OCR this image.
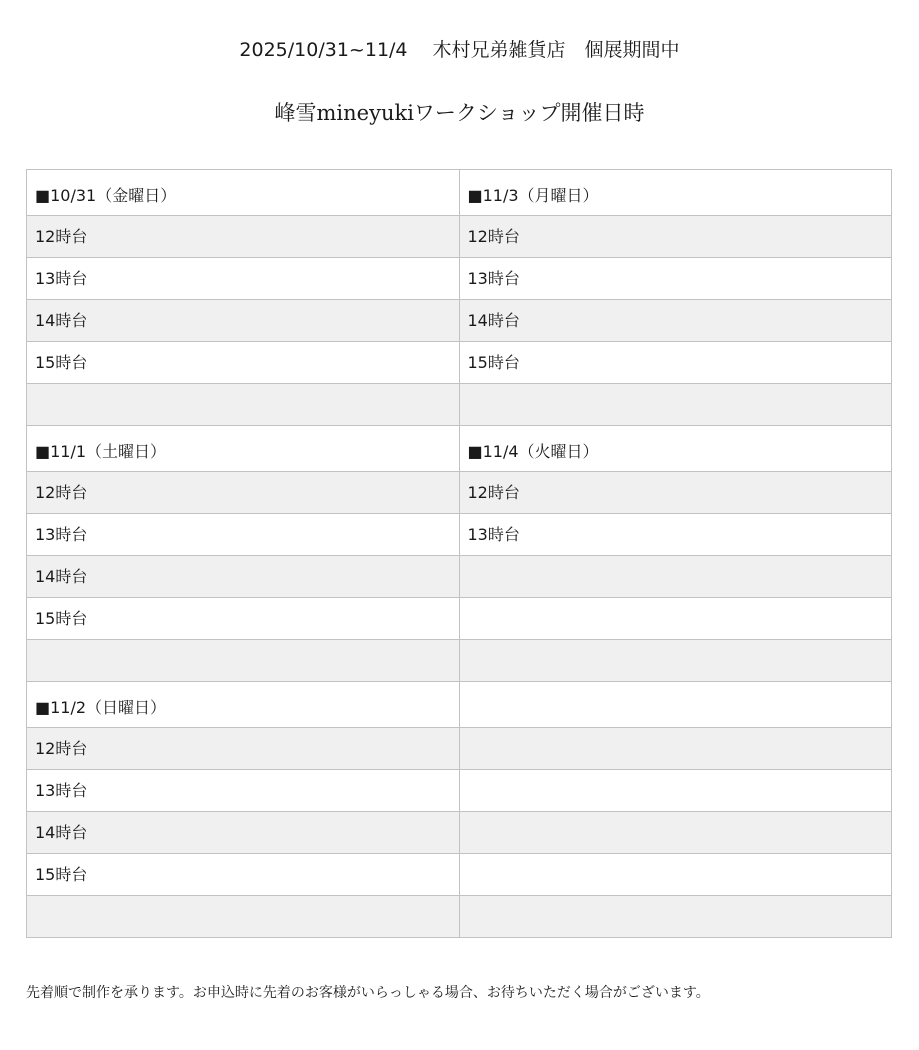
2025/10/31~11/4　 木村兄弟雑貨店　個展期間中
峰雪mineyukiワークショップ開催日時
■10/31（金曜日）	■11/3（月曜日）
12時台	12時台
13時台	13時台
14時台	14時台
15時台	15時台

■11/1（土曜日）	■11/4（火曜日）
12時台	12時台
13時台	13時台
14時台	
15時台	

■11/2（日曜日）	
12時台	
13時台	
14時台	
15時台	

先着順で制作を承ります。お申込時に先着のお客様がいらっしゃる場合、お待ちいただく場合がございます。
